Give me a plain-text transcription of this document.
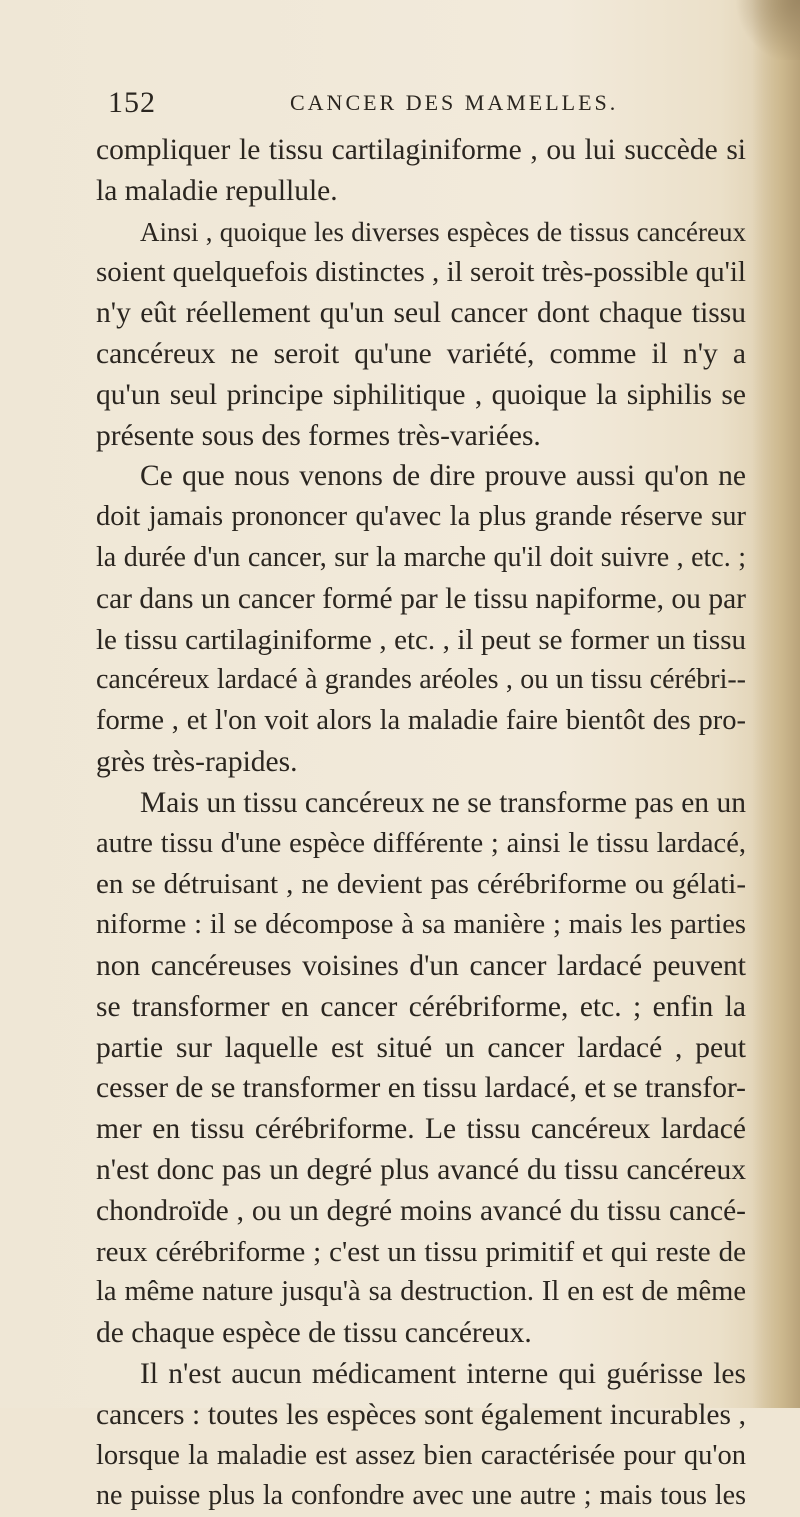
152	CANCER DES MAMELLES.
compliquer le tissu cartilaginiforme , ou lui succède si
la maladie repullule.
Ainsi , quoique les diverses espèces de tissus cancéreux
soient quelquefois distinctes , il seroit très-possible qu'il
n'y eût réellement qu'un seul cancer dont chaque tissu
cancéreux ne seroit qu'une variété, comme il n'y a
qu'un seul principe siphilitique , quoique la siphilis se
présente sous des formes très-variées.
Ce que nous venons de dire prouve aussi qu'on ne
doit jamais prononcer qu'avec la plus grande réserve sur
la durée d'un cancer, sur la marche qu'il doit suivre , etc. ;
car dans un cancer formé par le tissu napiforme, ou par
le tissu cartilaginiforme , etc. , il peut se former un tissu
cancéreux lardacé à grandes aréoles , ou un tissu cérébri--
forme , et l'on voit alors la maladie faire bientôt des pro-
grès très-rapides.
Mais un tissu cancéreux ne se transforme pas en un
autre tissu d'une espèce différente ; ainsi le tissu lardacé,
en se détruisant , ne devient pas cérébriforme ou gélati-
niforme : il se décompose à sa manière ; mais les parties
non cancéreuses voisines d'un cancer lardacé peuvent
se transformer en cancer cérébriforme, etc. ; enfin la
partie sur laquelle est situé un cancer lardacé , peut
cesser de se transformer en tissu lardacé, et se transfor-
mer en tissu cérébriforme. Le tissu cancéreux lardacé
n'est donc pas un degré plus avancé du tissu cancéreux
chondroïde , ou un degré moins avancé du tissu cancé-
reux cérébriforme ; c'est un tissu primitif et qui reste de
la même nature jusqu'à sa destruction. Il en est de même
de chaque espèce de tissu cancéreux.
Il n'est aucun médicament interne qui guérisse les
cancers : toutes les espèces sont également incurables ,
lorsque la maladie est assez bien caractérisée pour qu'on
ne puisse plus la confondre avec une autre ; mais tous les
